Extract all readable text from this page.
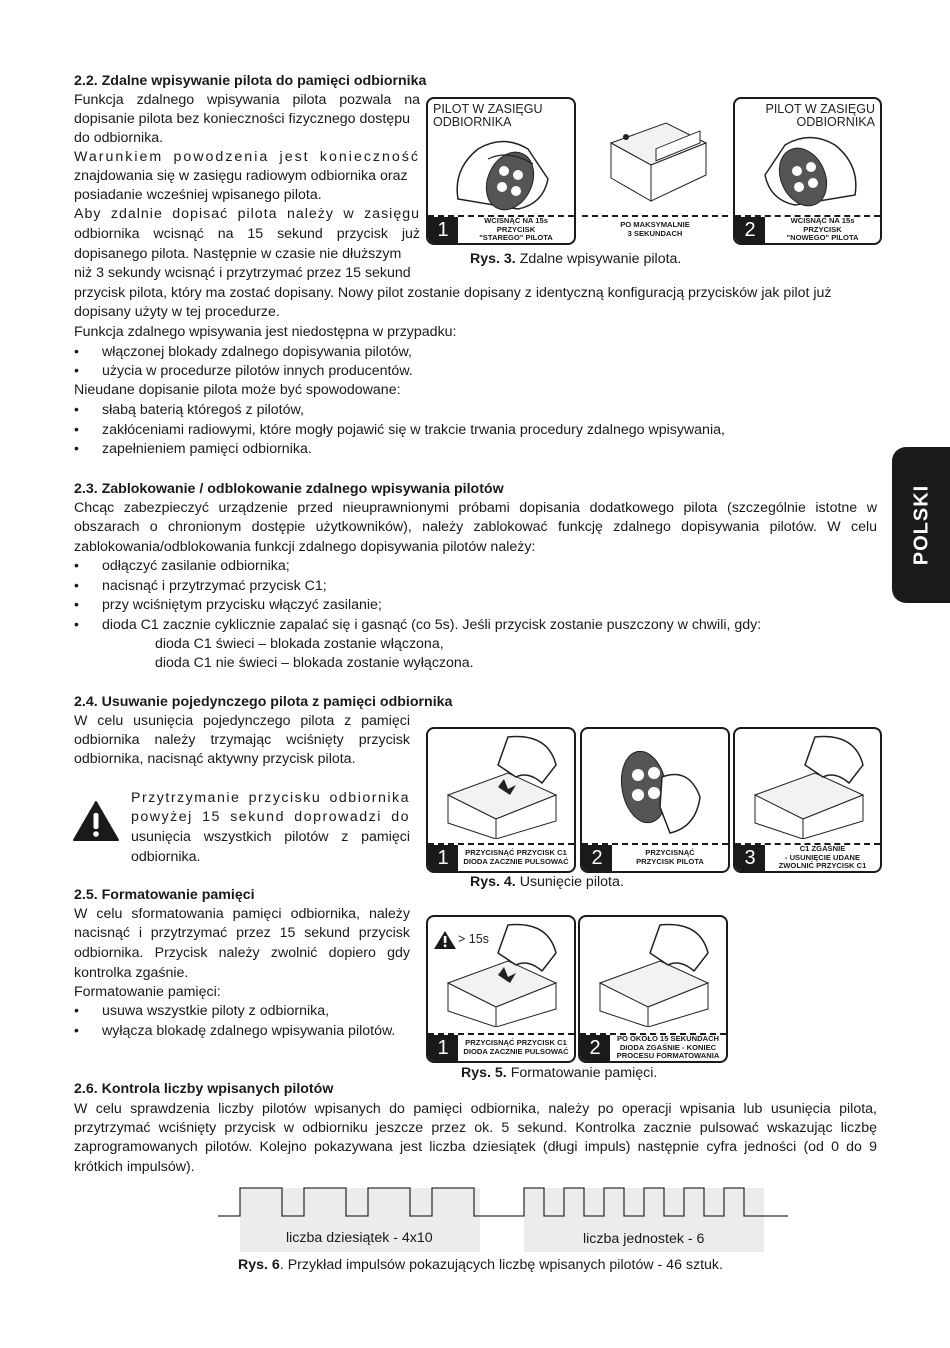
POLSKI
2.2. Zdalne wpisywanie pilota do pamięci odbiornika
Funkcja zdalnego wpisywania pilota pozwala na
dopisanie pilota bez konieczności fizycznego dostępu
do odbiornika.
Warunkiem powodzenia jest konieczność
znajdowania się w zasięgu radiowym odbiornika oraz
posiadanie wcześniej wpisanego pilota.
Aby zdalnie dopisać pilota należy w zasięgu
odbiornika wcisnąć na 15 sekund przycisk już
dopisanego pilota. Następnie w czasie nie dłuższym
niż 3 sekundy wcisnąć i przytrzymać przez 15 sekund
przycisk pilota, który ma zostać dopisany. Nowy pilot zostanie dopisany z identyczną konfiguracją przycisków jak pilot już
dopisany użyty w tej procedurze.
Funkcja zdalnego wpisywania jest niedostępna w przypadku:
• włączonej blokady zdalnego dopisywania pilotów,
• użycia w procedurze pilotów innych producentów.
Nieudane dopisanie pilota może być spowodowane:
• słabą baterią któregoś z pilotów,
• zakłóceniami radiowymi, które mogły pojawić się w trakcie trwania procedury zdalnego wpisywania,
• zapełnieniem pamięci odbiornika.
PILOT W ZASIĘGU
ODBIORNIKA
1	WCISNĄĆ NA 15s
PRZYCISK
"STAREGO" PILOTA
PO MAKSYMALNIE
3 SEKUNDACH
PILOT W ZASIĘGU
ODBIORNIKA
2	WCISNĄĆ NA 15s
PRZYCISK
"NOWEGO" PILOTA
Rys. 3. Zdalne wpisywanie pilota.
2.3. Zablokowanie / odblokowanie zdalnego wpisywania pilotów
Chcąc zabezpieczyć urządzenie przed nieuprawnionymi próbami dopisania dodatkowego pilota (szczególnie istotne w
obszarach o chronionym dostępie użytkowników), należy zablokować funkcję zdalnego dopisywania pilotów. W celu
zablokowania/odblokowania funkcji zdalnego dopisywania pilotów należy:
• odłączyć zasilanie odbiornika;
• nacisnąć i przytrzymać przycisk C1;
• przy wciśniętym przycisku włączyć zasilanie;
• dioda C1 zacznie cyklicznie zapalać się i gasnąć (co 5s). Jeśli przycisk zostanie puszczony w chwili, gdy:
dioda C1 świeci – blokada zostanie włączona,
dioda C1 nie świeci – blokada zostanie wyłączona.
2.4. Usuwanie pojedynczego pilota z pamięci odbiornika
W celu usunięcia pojedynczego pilota z pamięci
odbiornika należy trzymając wciśnięty przycisk
odbiornika, nacisnąć aktywny przycisk pilota.
Przytrzymanie przycisku odbiornika
powyżej 15 sekund doprowadzi do
usunięcia wszystkich pilotów z pamięci
odbiornika.	1	PRZYCISNĄĆ PRZYCISK C1
DIODA ZACZNIE PULSOWAĆ	2	PRZYCISNĄĆ
PRZYCISK PILOTA	3	C1 ZGAŚNIE
- USUNIĘCIE UDANE
ZWOLNIĆ PRZYCISK C1
Rys. 4. Usunięcie pilota.
2.5. Formatowanie pamięci
W celu sformatowania pamięci odbiornika, należy
nacisnąć i przytrzymać przez 15 sekund przycisk
odbiornika. Przycisk należy zwolnić dopiero gdy
kontrolka zgaśnie.
Formatowanie pamięci:
• usuwa wszystkie piloty z odbiornika,
• wyłącza blokadę zdalnego wpisywania pilotów.
> 15s
1	PRZYCISNĄĆ PRZYCISK C1
DIODA ZACZNIE PULSOWAĆ	2	PO OKOŁO 15 SEKUNDACH
DIODA ZGAŚNIE - KONIEC
PROCESU FORMATOWANIA
Rys. 5. Formatowanie pamięci.
2.6. Kontrola liczby wpisanych pilotów
W celu sprawdzenia liczby pilotów wpisanych do pamięci odbiornika, należy po operacji wpisania lub usunięcia pilota,
przytrzymać wciśnięty przycisk w odbiorniku jeszcze przez ok. 5 sekund. Kontrolka zacznie pulsować wskazując liczbę
zaprogramowanych pilotów. Kolejno pokazywana jest liczba dziesiątek (długi impuls) następnie cyfra jedności (od 0 do 9
krótkich impulsów).
liczba dziesiątek - 4x10	liczba jednostek - 6
Rys. 6. Przykład impulsów pokazujących liczbę wpisanych pilotów - 46 sztuk.
